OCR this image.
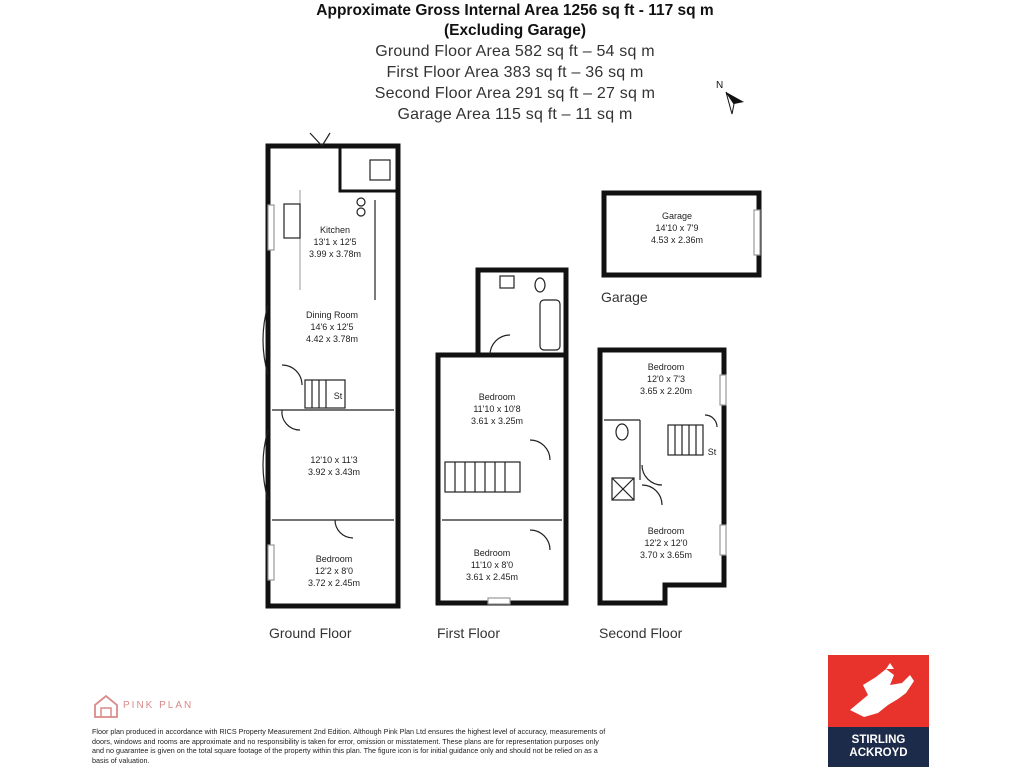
Approximate Gross Internal Area 1256 sq ft - 117 sq m
(Excluding Garage)
Ground Floor Area 582 sq ft – 54 sq m
First Floor Area 383 sq ft – 36 sq m
Second Floor Area 291 sq ft – 27 sq m
Garage Area 115 sq ft – 11 sq m
N
Kitchen
13'1 x 12'5
3.99 x 3.78m
Dining Room
14'6 x 12'5
4.42 x 3.78m
St
12'10 x 11'3
3.92 x 3.43m
Bedroom
12'2 x 8'0
3.72 x 2.45m
Bedroom
11'10 x 10'8
3.61 x 3.25m
Bedroom
11'10 x 8'0
3.61 x 2.45m
Bedroom
12'0 x 7'3
3.65 x 2.20m
St
Bedroom
12'2 x 12'0
3.70 x 3.65m
Garage
14'10 x 7'9
4.53 x 2.36m
Ground Floor	First Floor	Second Floor
Garage
PINK PLAN
Floor plan produced in accordance with RICS Property Measurement 2nd Edition. Although Pink Plan Ltd ensures the highest level of accuracy, measurements of doors, windows and rooms are approximate and no responsibility is taken for error, omission or misstatement. These plans are for representation purposes only and no guarantee is given on the total square footage of the property within this plan. The figure icon is for initial guidance only and should not be relied on as a basis of valuation.
STIRLING
ACKROYD
